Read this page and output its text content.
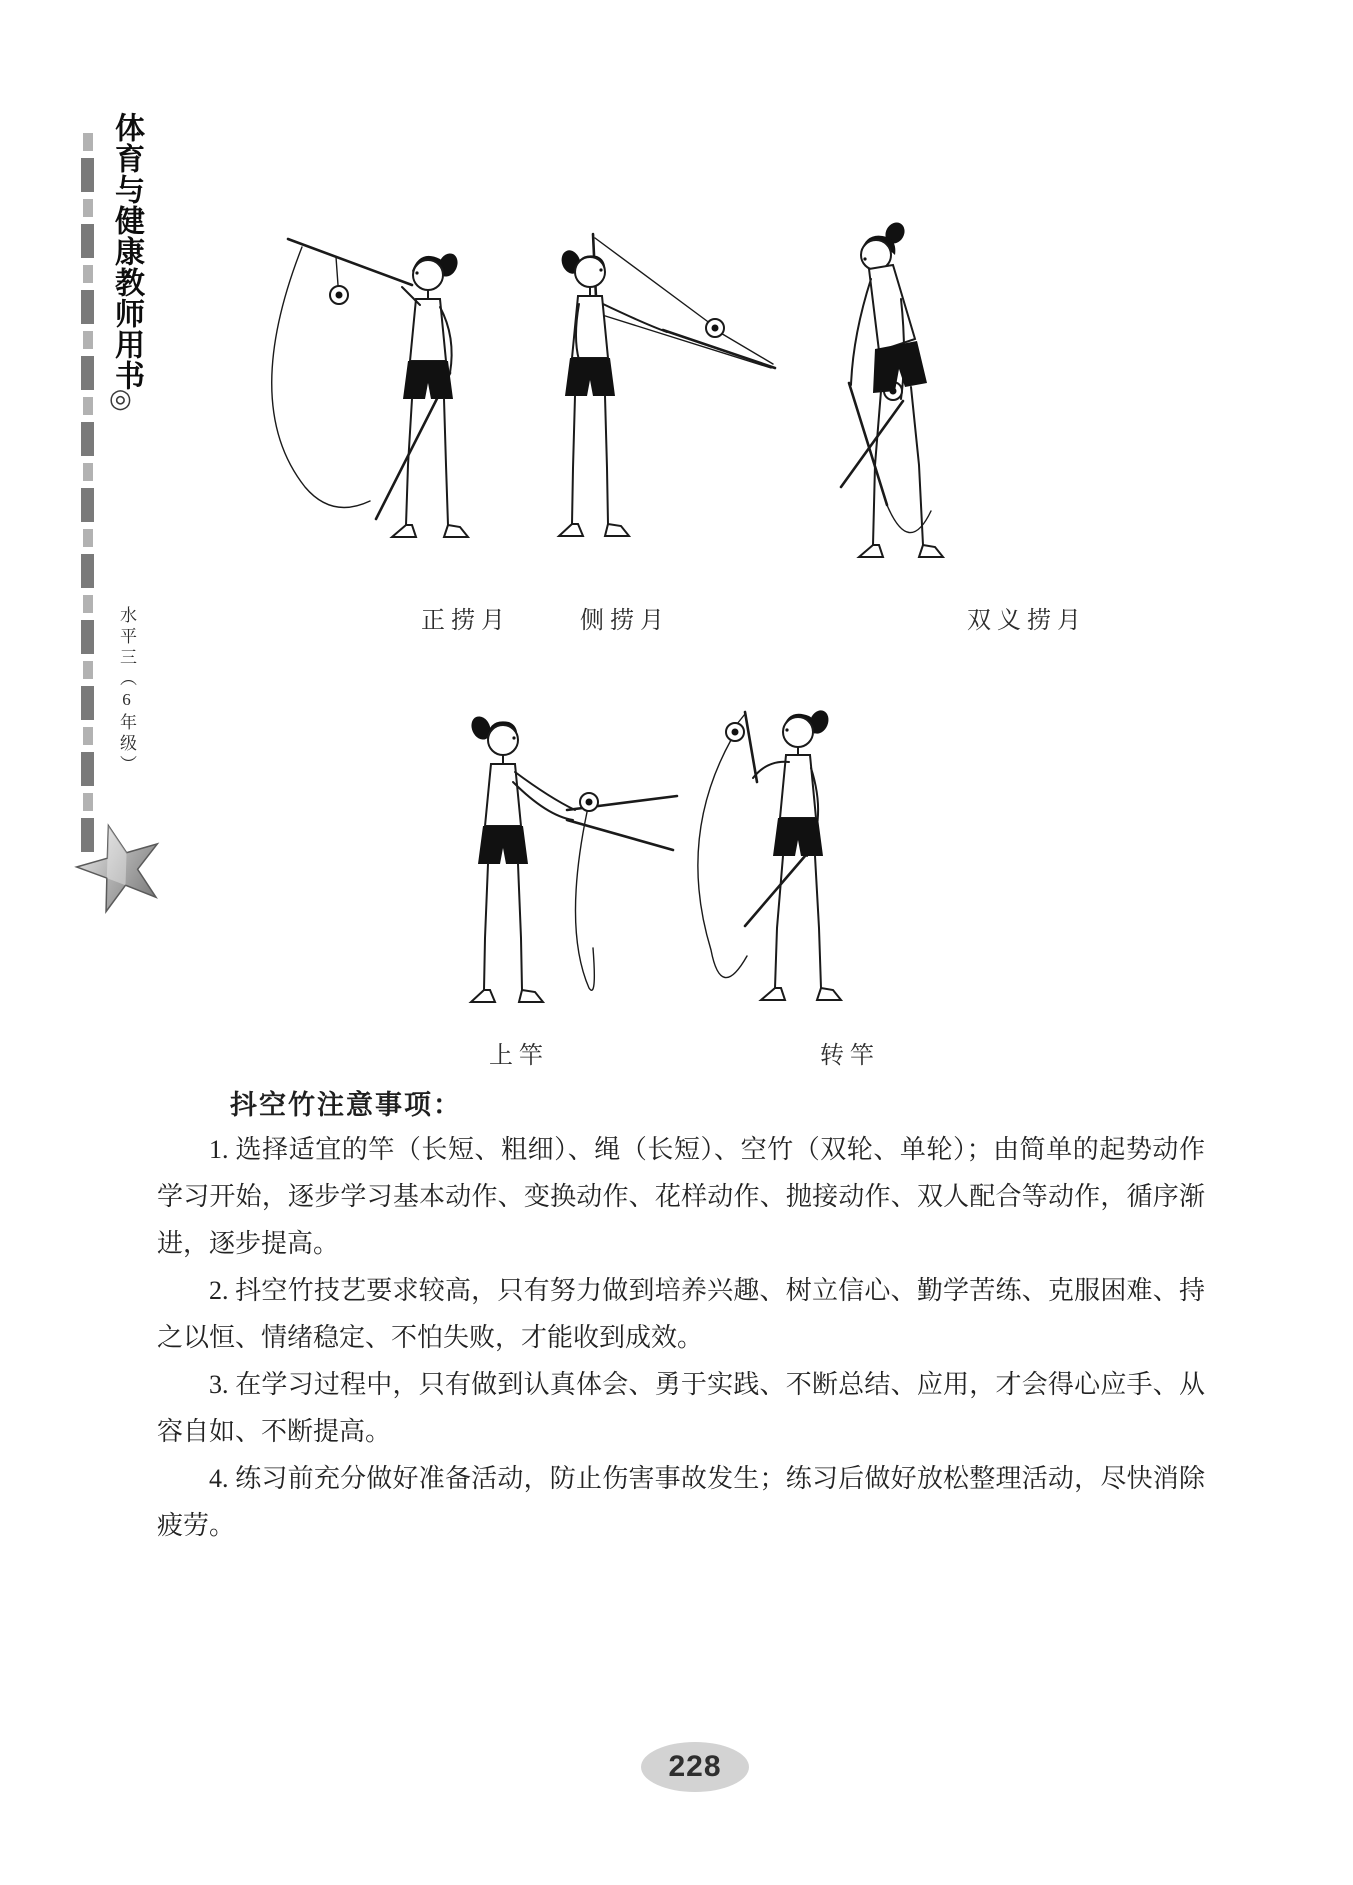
体育与健康教师用书
◎
水平三（6年级）	正捞月	侧捞月	双义捞月
上竿	转竿
抖空竹注意事项：

1. 选择适宜的竿（长短、粗细）、绳（长短）、空竹（双轮、单轮）；由简单的起势动作学习开始，逐步学习基本动作、变换动作、花样动作、抛接动作、双人配合等动作，循序渐进，逐步提高。

2. 抖空竹技艺要求较高，只有努力做到培养兴趣、树立信心、勤学苦练、克服困难、持之以恒、情绪稳定、不怕失败，才能收到成效。

3. 在学习过程中，只有做到认真体会、勇于实践、不断总结、应用，才会得心应手、从容自如、不断提高。

4. 练习前充分做好准备活动，防止伤害事故发生；练习后做好放松整理活动，尽快消除疲劳。

228
